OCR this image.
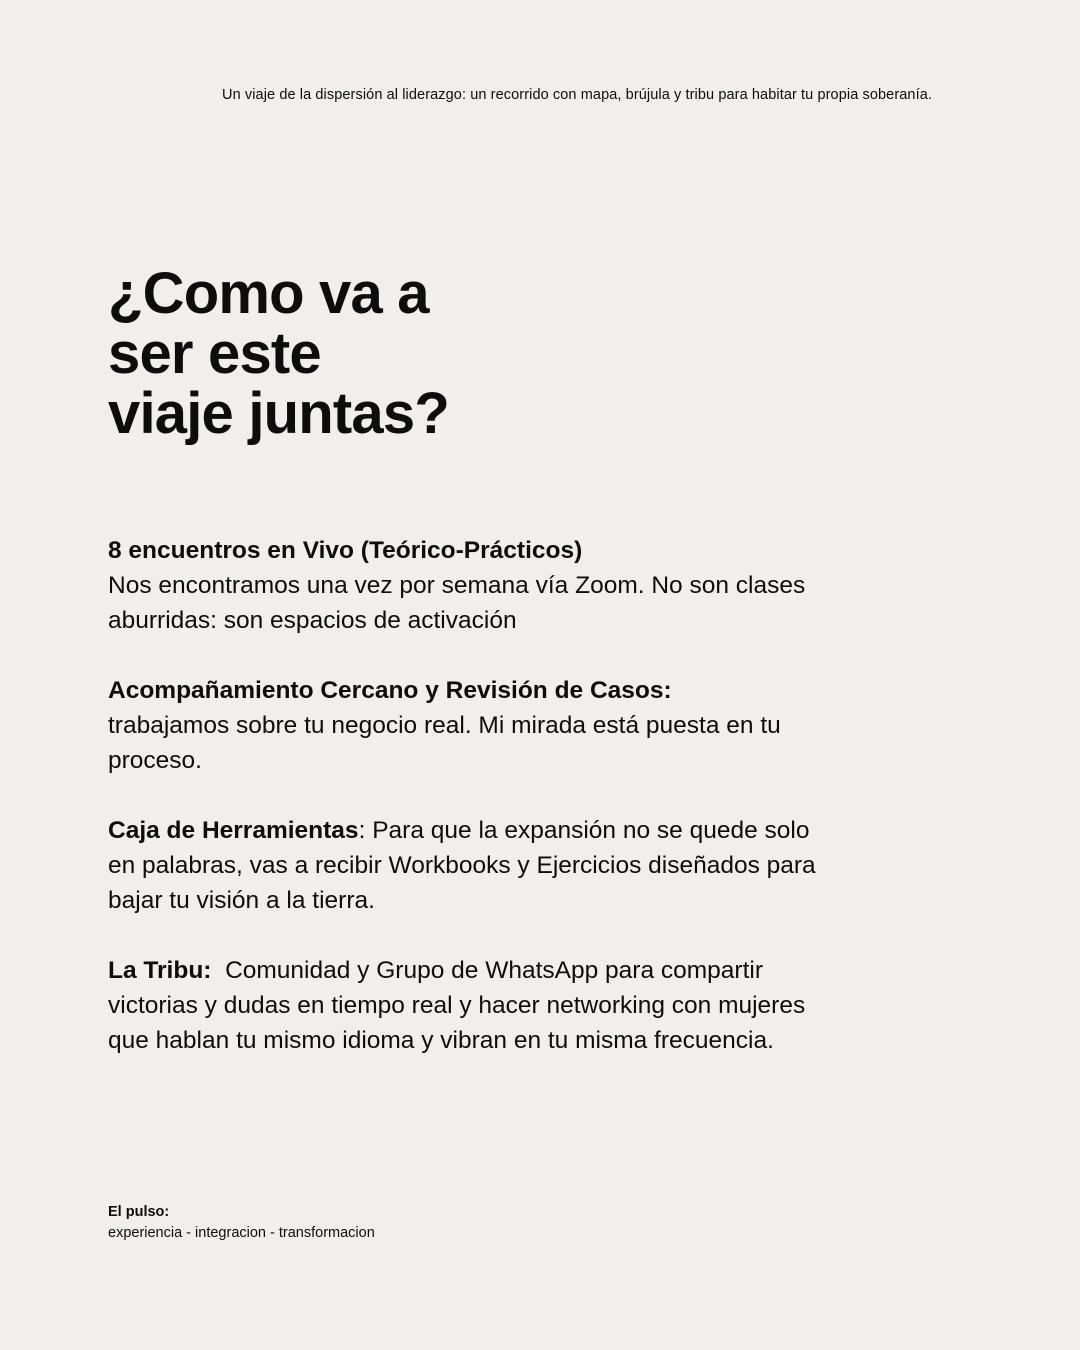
Un viaje de la dispersión al liderazgo: un recorrido con mapa, brújula y tribu para habitar tu propia soberanía.
¿Como va a
ser este
viaje juntas?

8 encuentros en Vivo (Teórico-Prácticos)
Nos encontramos una vez por semana vía Zoom. No son clases aburridas: son espacios de activación

Acompañamiento Cercano y Revisión de Casos:
trabajamos sobre tu negocio real. Mi mirada está puesta en tu proceso.

Caja de Herramientas: Para que la expansión no se quede solo en palabras, vas a recibir Workbooks y Ejercicios diseñados para bajar tu visión a la tierra.

La Tribu: Comunidad y Grupo de WhatsApp para compartir victorias y dudas en tiempo real y hacer networking con mujeres que hablan tu mismo idioma y vibran en tu misma frecuencia.

El pulso:
experiencia - integracion - transformacion
